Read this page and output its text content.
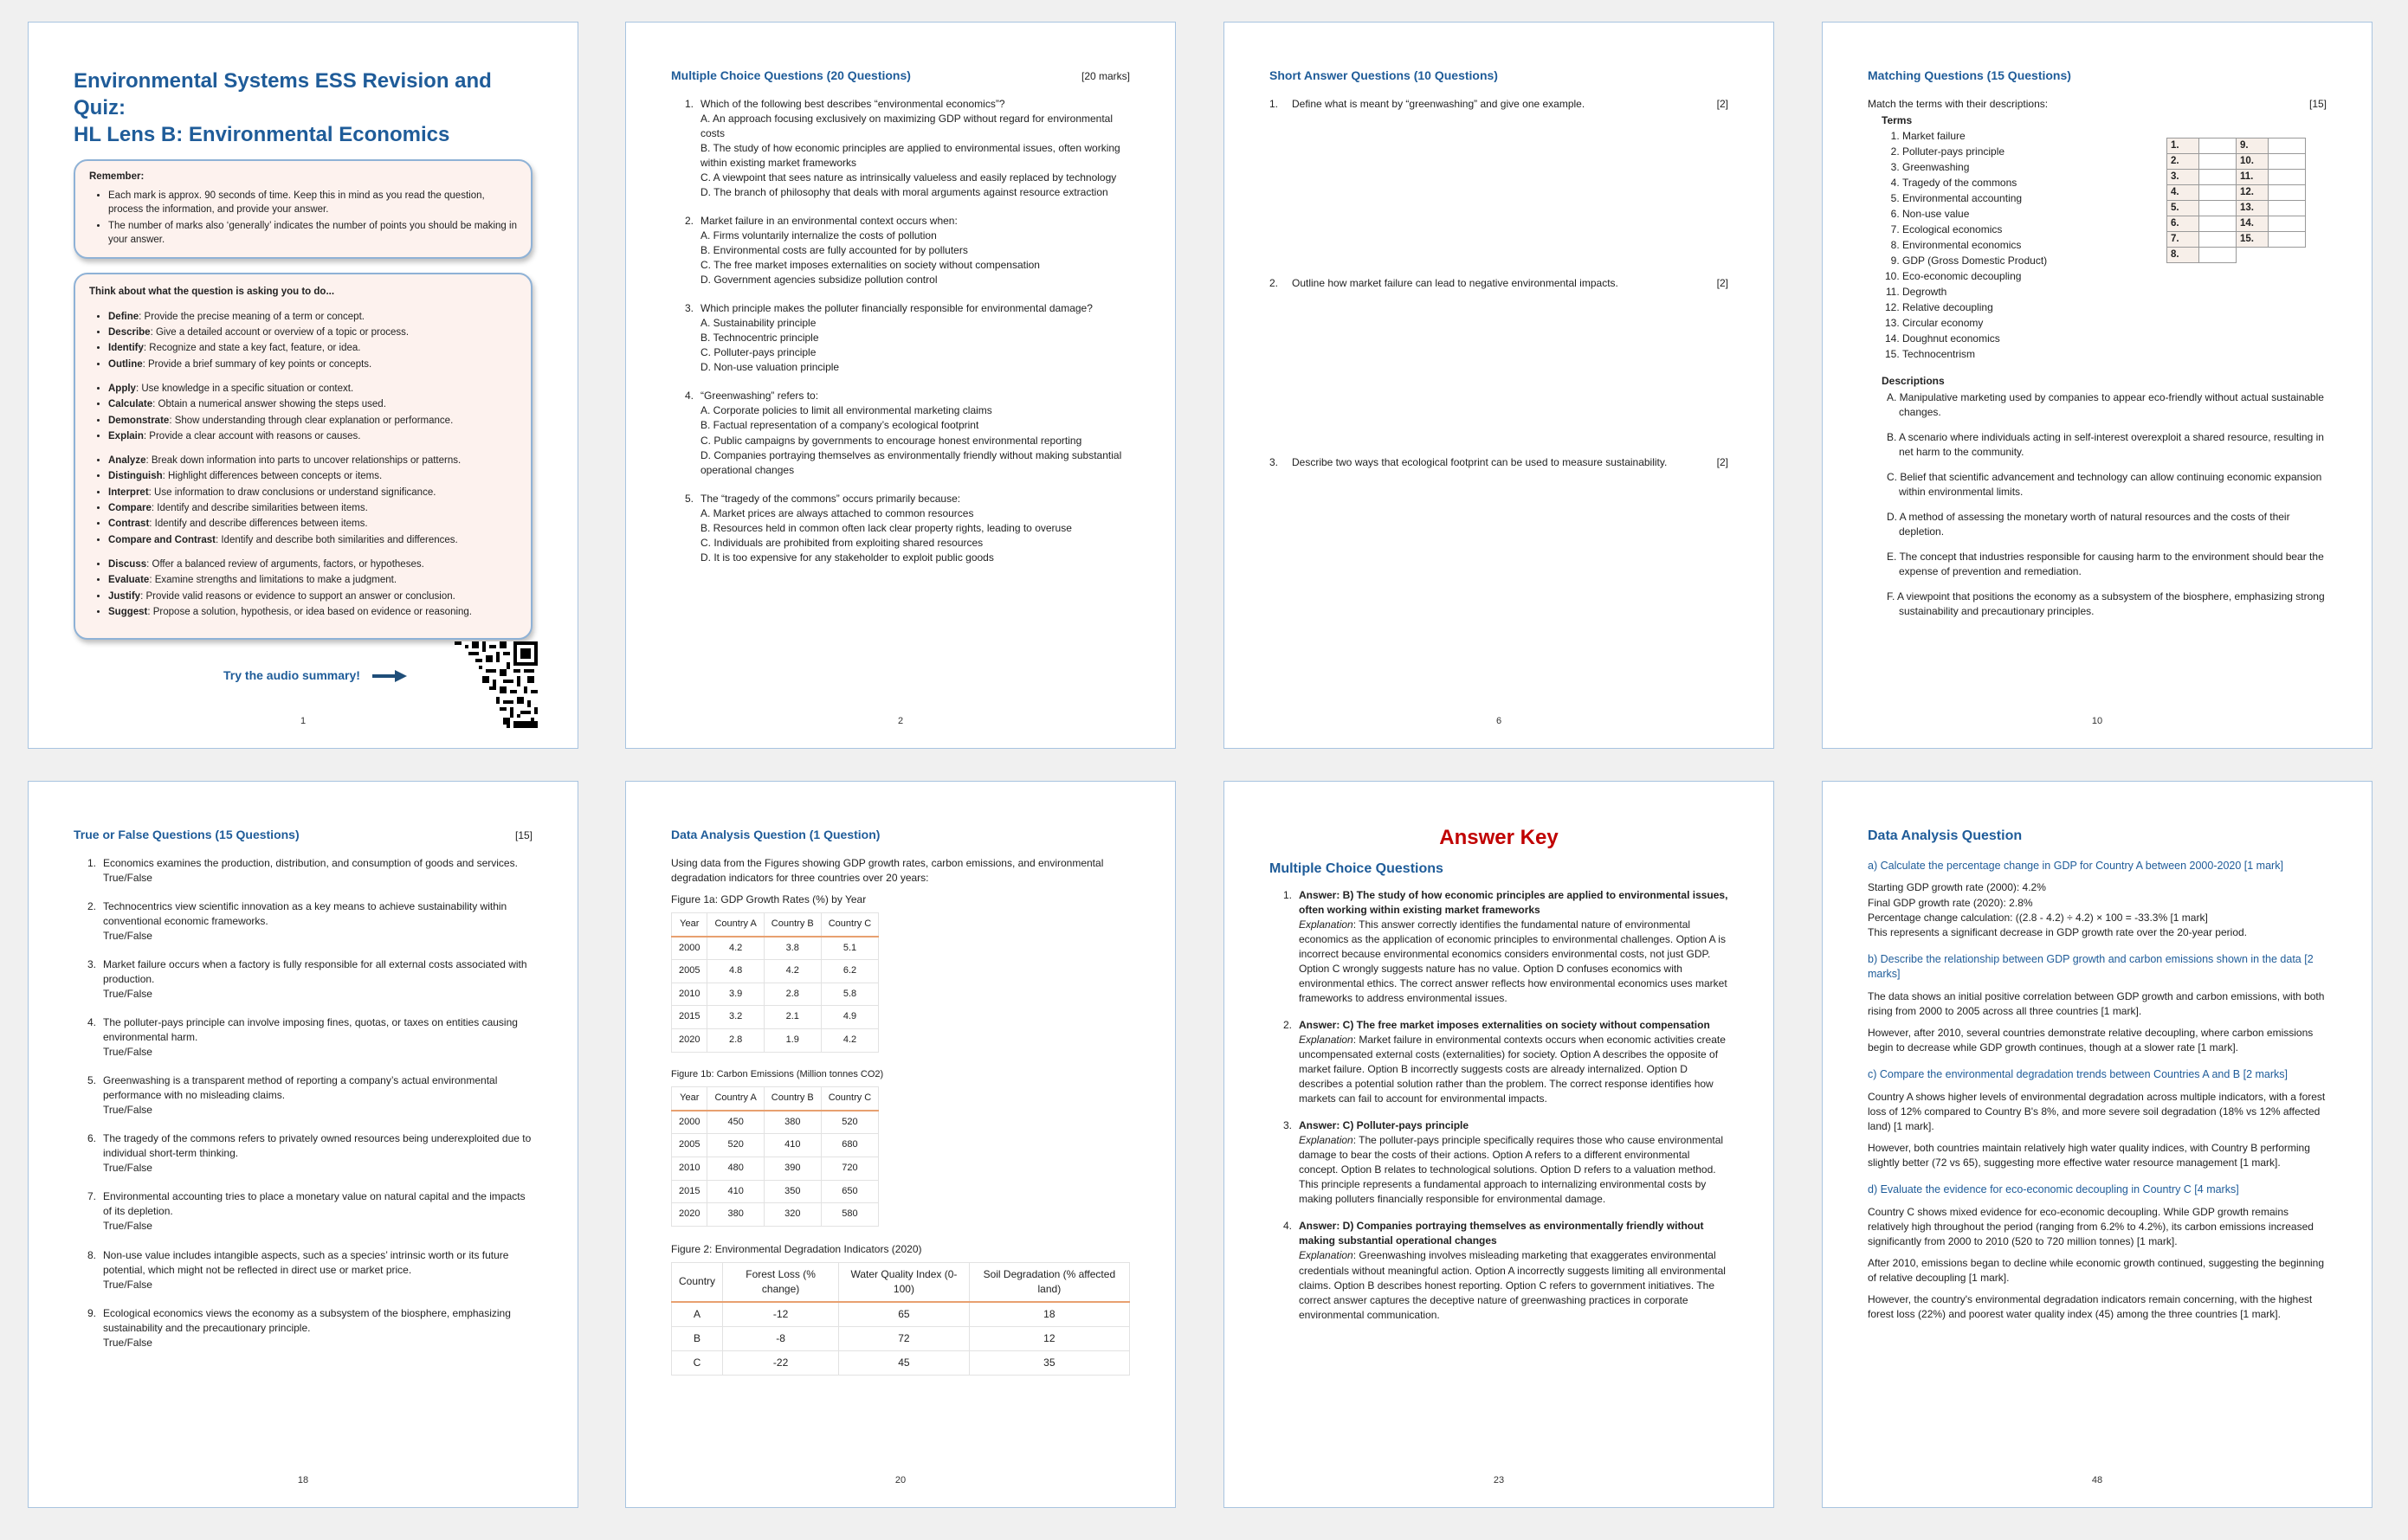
Environmental Systems ESS Revision and Quiz:
HL Lens B: Environmental Economics
Remember:
• Each mark is approx. 90 seconds of time. Keep this in mind as you read the question, process the information, and provide your answer.
• The number of marks also ‘generally’ indicates the number of points you should be making in your answer.
Think about what the question is asking you to do...
• Define: Provide the precise meaning of a term or concept.
• Describe: Give a detailed account or overview of a topic or process.
• Identify: Recognize and state a key fact, feature, or idea.
• Outline: Provide a brief summary of key points or concepts.
• Apply: Use knowledge in a specific situation or context.
• Calculate: Obtain a numerical answer showing the steps used.
• Demonstrate: Show understanding through clear explanation or performance.
• Explain: Provide a clear account with reasons or causes.
• Analyze: Break down information into parts to uncover relationships or patterns.
• Distinguish: Highlight differences between concepts or items.
• Interpret: Use information to draw conclusions or understand significance.
• Compare: Identify and describe similarities between items.
• Contrast: Identify and describe differences between items.
• Compare and Contrast: Identify and describe both similarities and differences.
• Discuss: Offer a balanced review of arguments, factors, or hypotheses.
• Evaluate: Examine strengths and limitations to make a judgment.
• Justify: Provide valid reasons or evidence to support an answer or conclusion.
• Suggest: Propose a solution, hypothesis, or idea based on evidence or reasoning.
Try the audio summary!
1
Multiple Choice Questions (20 Questions)	[20 marks]
1. Which of the following best describes “environmental economics”?
A. An approach focusing exclusively on maximizing GDP without regard for environmental costs
B. The study of how economic principles are applied to environmental issues, often working within existing market frameworks
C. A viewpoint that sees nature as intrinsically valueless and easily replaced by technology
D. The branch of philosophy that deals with moral arguments against resource extraction
2. Market failure in an environmental context occurs when:
A. Firms voluntarily internalize the costs of pollution
B. Environmental costs are fully accounted for by polluters
C. The free market imposes externalities on society without compensation
D. Government agencies subsidize pollution control
3. Which principle makes the polluter financially responsible for environmental damage?
A. Sustainability principle
B. Technocentric principle
C. Polluter-pays principle
D. Non-use valuation principle
4. “Greenwashing” refers to:
A. Corporate policies to limit all environmental marketing claims
B. Factual representation of a company’s ecological footprint
C. Public campaigns by governments to encourage honest environmental reporting
D. Companies portraying themselves as environmentally friendly without making substantial operational changes
5. The “tragedy of the commons” occurs primarily because:
A. Market prices are always attached to common resources
B. Resources held in common often lack clear property rights, leading to overuse
C. Individuals are prohibited from exploiting shared resources
D. It is too expensive for any stakeholder to exploit public goods
2
Short Answer Questions (10 Questions)
1.	Define what is meant by “greenwashing” and give one example.	[2]
2.	Outline how market failure can lead to negative environmental impacts.	[2]
3.	Describe two ways that ecological footprint can be used to measure sustainability.	[2]
6
Matching Questions (15 Questions)
Match the terms with their descriptions:	[15]
Terms
1. Market failure
2. Polluter-pays principle
3. Greenwashing
4. Tragedy of the commons
5. Environmental accounting
6. Non-use value
7. Ecological economics
8. Environmental economics
9. GDP (Gross Domestic Product)
10. Eco-economic decoupling
11. Degrowth
12. Relative decoupling
13. Circular economy
14. Doughnut economics
15. Technocentrism
1.		9.	
2.		10.	
3.		11.	
4.		12.	
5.		13.	
6.		14.	
7.		15.	
8.			
Descriptions
A. Manipulative marketing used by companies to appear eco-friendly without actual sustainable changes.
B. A scenario where individuals acting in self-interest overexploit a shared resource, resulting in net harm to the community.
C. Belief that scientific advancement and technology can allow continuing economic expansion within environmental limits.
D. A method of assessing the monetary worth of natural resources and the costs of their depletion.
E. The concept that industries responsible for causing harm to the environment should bear the expense of prevention and remediation.
F. A viewpoint that positions the economy as a subsystem of the biosphere, emphasizing strong sustainability and precautionary principles.
10
True or False Questions (15 Questions)	[15]
1. Economics examines the production, distribution, and consumption of goods and services.
True/False
2. Technocentrics view scientific innovation as a key means to achieve sustainability within conventional economic frameworks.
True/False
3. Market failure occurs when a factory is fully responsible for all external costs associated with production.
True/False
4. The polluter-pays principle can involve imposing fines, quotas, or taxes on entities causing environmental harm.
True/False
5. Greenwashing is a transparent method of reporting a company’s actual environmental performance with no misleading claims.
True/False
6. The tragedy of the commons refers to privately owned resources being underexploited due to individual short-term thinking.
True/False
7. Environmental accounting tries to place a monetary value on natural capital and the impacts of its depletion.
True/False
8. Non-use value includes intangible aspects, such as a species’ intrinsic worth or its future potential, which might not be reflected in direct use or market price.
True/False
9. Ecological economics views the economy as a subsystem of the biosphere, emphasizing sustainability and the precautionary principle.
True/False
18
Data Analysis Question (1 Question)

Using data from the Figures showing GDP growth rates, carbon emissions, and environmental degradation indicators for three countries over 20 years:

Figure 1a: GDP Growth Rates (%) by Year
Year	Country A	Country B	Country C
2000	4.2	3.8	5.1
2005	4.8	4.2	6.2
2010	3.9	2.8	5.8
2015	3.2	2.1	4.9
2020	2.8	1.9	4.2
Figure 1b: Carbon Emissions (Million tonnes CO2)
Year	Country A	Country B	Country C
2000	450	380	520
2005	520	410	680
2010	480	390	720
2015	410	350	650
2020	380	320	580
Figure 2: Environmental Degradation Indicators (2020)
Country	Forest Loss (% change)	Water Quality Index (0-100)	Soil Degradation (% affected land)
A	-12	65	18
B	-8	72	12
C	-22	45	35
20
Answer Key
Multiple Choice Questions
1. Answer: B) The study of how economic principles are applied to environmental issues, often working within existing market frameworks
Explanation: This answer correctly identifies the fundamental nature of environmental economics as the application of economic principles to environmental challenges. Option A is incorrect because environmental economics considers environmental costs, not just GDP. Option C wrongly suggests nature has no value. Option D confuses economics with environmental ethics. The correct answer reflects how environmental economics uses market frameworks to address environmental issues.
2. Answer: C) The free market imposes externalities on society without compensation
Explanation: Market failure in environmental contexts occurs when economic activities create uncompensated external costs (externalities) for society. Option A describes the opposite of market failure. Option B incorrectly suggests costs are already internalized. Option D describes a potential solution rather than the problem. The correct response identifies how markets can fail to account for environmental impacts.
3. Answer: C) Polluter-pays principle
Explanation: The polluter-pays principle specifically requires those who cause environmental damage to bear the costs of their actions. Option A refers to a different environmental concept. Option B relates to technological solutions. Option D refers to a valuation method. This principle represents a fundamental approach to internalizing environmental costs by making polluters financially responsible for environmental damage.
4. Answer: D) Companies portraying themselves as environmentally friendly without making substantial operational changes
Explanation: Greenwashing involves misleading marketing that exaggerates environmental credentials without meaningful action. Option A incorrectly suggests limiting all environmental claims. Option B describes honest reporting. Option C refers to government initiatives. The correct answer captures the deceptive nature of greenwashing practices in corporate environmental communication.
23
Data Analysis Question
a) Calculate the percentage change in GDP for Country A between 2000-2020 [1 mark]

Starting GDP growth rate (2000): 4.2%
Final GDP growth rate (2020): 2.8%
Percentage change calculation: ((2.8 - 4.2) ÷ 4.2) × 100 = -33.3% [1 mark]
This represents a significant decrease in GDP growth rate over the 20-year period.

b) Describe the relationship between GDP growth and carbon emissions shown in the data [2 marks]

The data shows an initial positive correlation between GDP growth and carbon emissions, with both rising from 2000 to 2005 across all three countries [1 mark].

However, after 2010, several countries demonstrate relative decoupling, where carbon emissions begin to decrease while GDP growth continues, though at a slower rate [1 mark].

c) Compare the environmental degradation trends between Countries A and B [2 marks]

Country A shows higher levels of environmental degradation across multiple indicators, with a forest loss of 12% compared to Country B's 8%, and more severe soil degradation (18% vs 12% affected land) [1 mark].

However, both countries maintain relatively high water quality indices, with Country B performing slightly better (72 vs 65), suggesting more effective water resource management [1 mark].

d) Evaluate the evidence for eco-economic decoupling in Country C [4 marks]

Country C shows mixed evidence for eco-economic decoupling. While GDP growth remains relatively high throughout the period (ranging from 6.2% to 4.2%), its carbon emissions increased significantly from 2000 to 2010 (520 to 720 million tonnes) [1 mark].

After 2010, emissions began to decline while economic growth continued, suggesting the beginning of relative decoupling [1 mark].

However, the country's environmental degradation indicators remain concerning, with the highest forest loss (22%) and poorest water quality index (45) among the three countries [1 mark].

48
